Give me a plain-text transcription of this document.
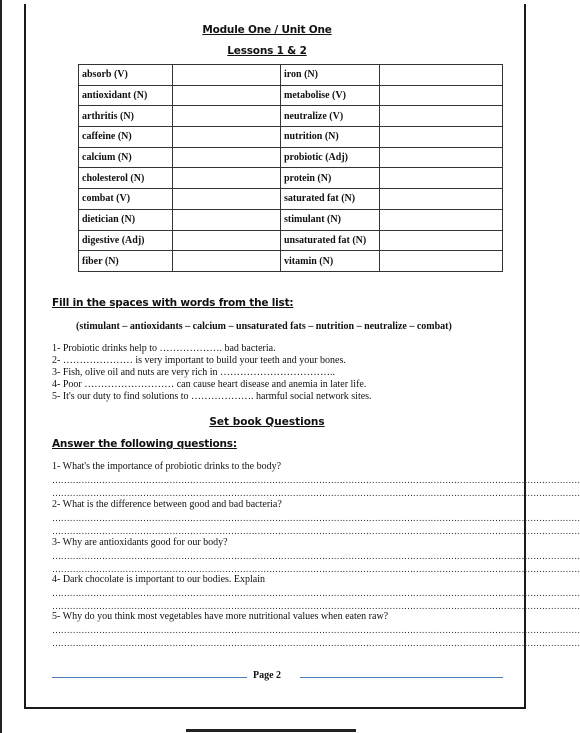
Module One / Unit One
Lessons 1 & 2
absorb (V)		iron (N)	
antioxidant (N)		metabolise (V)	
arthritis (N)		neutralize (V)	
caffeine (N)		nutrition (N)	
calcium (N)		probiotic (Adj)	
cholesterol (N)		protein (N)	
combat (V)		saturated fat (N)	
dietician (N)		stimulant (N)	
digestive (Adj)		unsaturated fat (N)	
fiber (N)		vitamin (N)	
Fill in the spaces with words from the list:
(stimulant – antioxidants – calcium – unsaturated fats – nutrition – neutralize – combat)
1- Probiotic drinks help to ………………. bad bacteria.
2- ………………… is very important to build your teeth and your bones.
3- Fish, olive oil and nuts are very rich in ……………………………..
4- Poor ……………………… can cause heart disease and anemia in later life.
5- It's our duty to find solutions to ………………. harmful social network sites.
Set book Questions
Answer the following questions:
1- What's the importance of probiotic drinks to the body?
………………………………………………………………………………………………………………………………………………………………
………………………………………………………………………………………………………………………………………………………………
2- What is the difference between good and bad bacteria?
………………………………………………………………………………………………………………………………………………………………
………………………………………………………………………………………………………………………………………………………………
3- Why are antioxidants good for our body?
………………………………………………………………………………………………………………………………………………………………
………………………………………………………………………………………………………………………………………………………………
4- Dark chocolate is important to our bodies. Explain
………………………………………………………………………………………………………………………………………………………………
………………………………………………………………………………………………………………………………………………………………
5- Why do you think most vegetables have more nutritional values when eaten raw?
………………………………………………………………………………………………………………………………………………………………
………………………………………………………………………………………………………………………………………………………………
Page 2
